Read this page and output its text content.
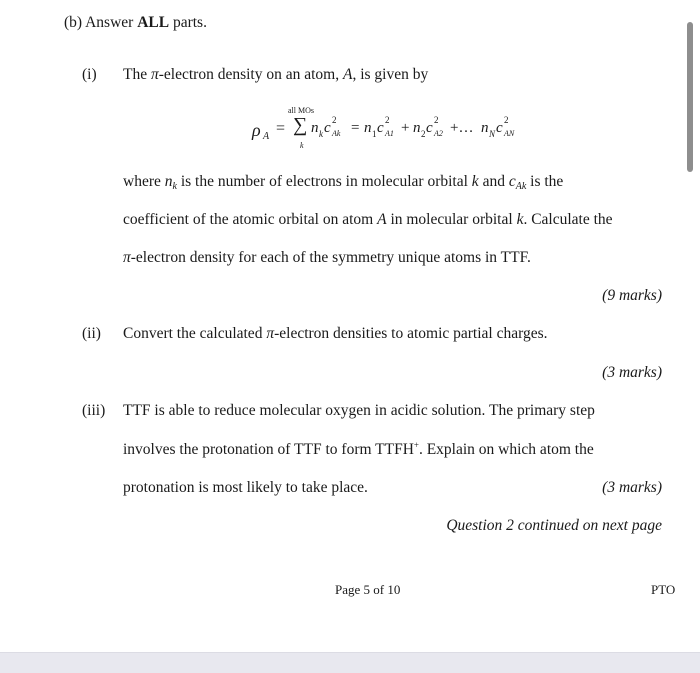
(b) Answer ALL parts.
(i) The π-electron density on an atom, A, is given by
ρ A =
all MOs
∑
k
n k c 2
Ak = n 1 c 2
A1 + n 2 c 2
A2 +… n N c 2
AN
where $n_k$ is the number of electrons in molecular orbital k and $c_{Ak}$ is the
coefficient of the atomic orbital on atom A in molecular orbital k. Calculate the
π-electron density for each of the symmetry unique atoms in TTF.
(9 marks)
(ii) Convert the calculated π-electron densities to atomic partial charges.
(3 marks)
(iii) TTF is able to reduce molecular oxygen in acidic solution. The primary step
involves the protonation of TTF to form TTFH+. Explain on which atom the
protonation is most likely to take place.	(3 marks)
Question 2 continued on next page
Page 5 of 10	PTO
